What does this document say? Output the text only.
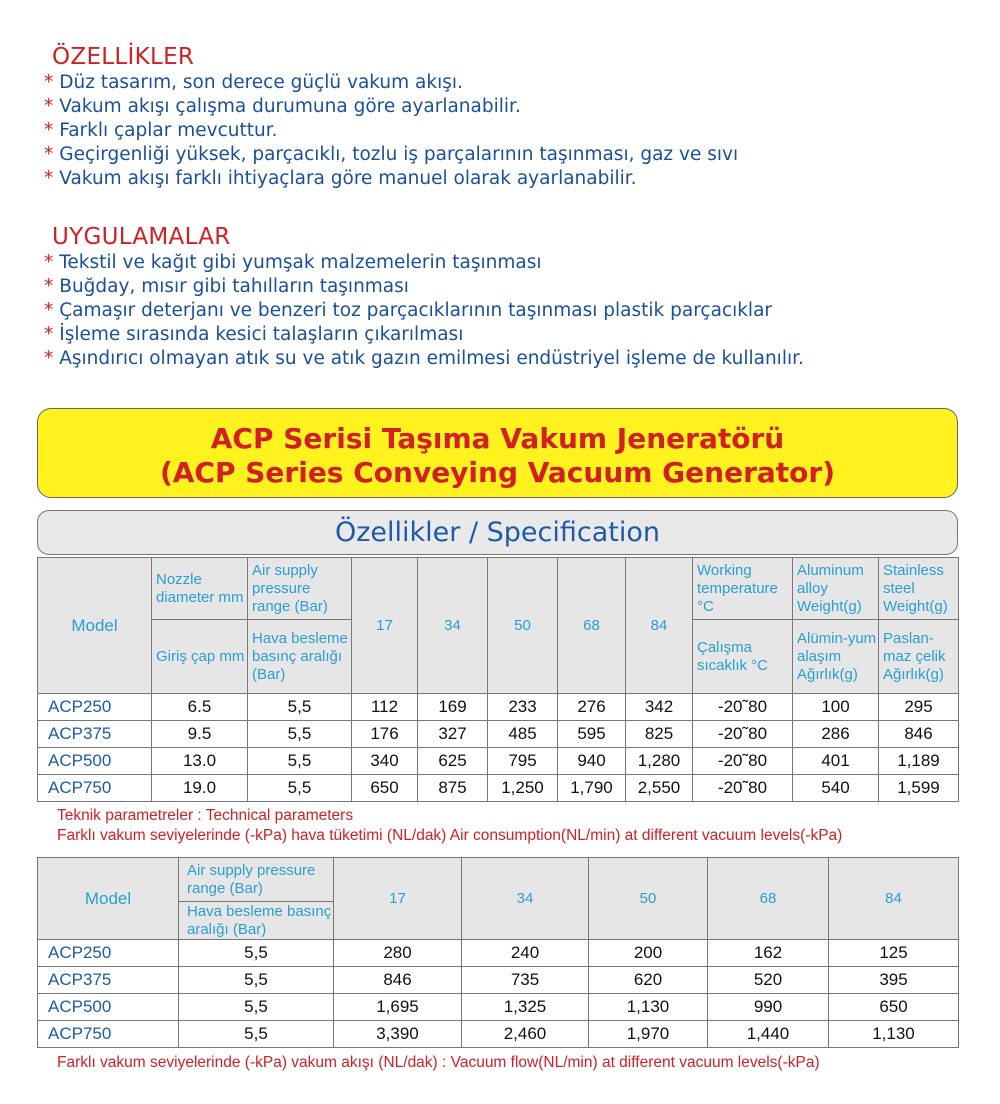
ÖZELLİKLER
* Düz tasarım, son derece güçlü vakum akışı.
* Vakum akışı çalışma durumuna göre ayarlanabilir.
* Farklı çaplar mevcuttur.
* Geçirgenliği yüksek, parçacıklı, tozlu iş parçalarının taşınması, gaz ve sıvı
* Vakum akışı farklı ihtiyaçlara göre manuel olarak ayarlanabilir.
UYGULAMALAR
* Tekstil ve kağıt gibi yumşak malzemelerin taşınması
* Buğday, mısır gibi tahılların taşınması
* Çamaşır deterjanı ve benzeri toz parçacıklarının taşınması plastik parçacıklar
* İşleme sırasında kesici talaşların çıkarılması
* Aşındırıcı olmayan atık su ve atık gazın emilmesi endüstriyel işleme de kullanılır.
ACP Serisi Taşıma Vakum Jeneratörü
(ACP Series Conveying Vacuum Generator)
Özellikler / Specification
Model	Nozzle diameter mm	Air supply pressure range (Bar)	17	34	50	68	84	Working temperature °C	Aluminum alloy Weight(g)	Stainless steel Weight(g)
	Giriş çap mm	Hava besleme basınç aralığı (Bar)						Çalışma sıcaklık °C	Alümin-yum alaşım Ağırlık(g)	Paslan-maz çelik Ağırlık(g)
ACP250	6.5	5,5	112	169	233	276	342	-20˜80	100	295
ACP375	9.5	5,5	176	327	485	595	825	-20˜80	286	846
ACP500	13.0	5,5	340	625	795	940	1,280	-20˜80	401	1,189
ACP750	19.0	5,5	650	875	1,250	1,790	2,550	-20˜80	540	1,599
Teknik parametreler : Technical parameters
Farklı vakum seviyelerinde (-kPa) hava tüketimi (NL/dak) Air consumption(NL/min) at different vacuum levels(-kPa)
Model	Air supply pressure range (Bar)	17	34	50	68	84
	Hava besleme basınç aralığı (Bar)					
ACP250	5,5	280	240	200	162	125
ACP375	5,5	846	735	620	520	395
ACP500	5,5	1,695	1,325	1,130	990	650
ACP750	5,5	3,390	2,460	1,970	1,440	1,130
Farklı vakum seviyelerinde (-kPa) vakum akışı (NL/dak) : Vacuum flow(NL/min) at different vacuum levels(-kPa)
